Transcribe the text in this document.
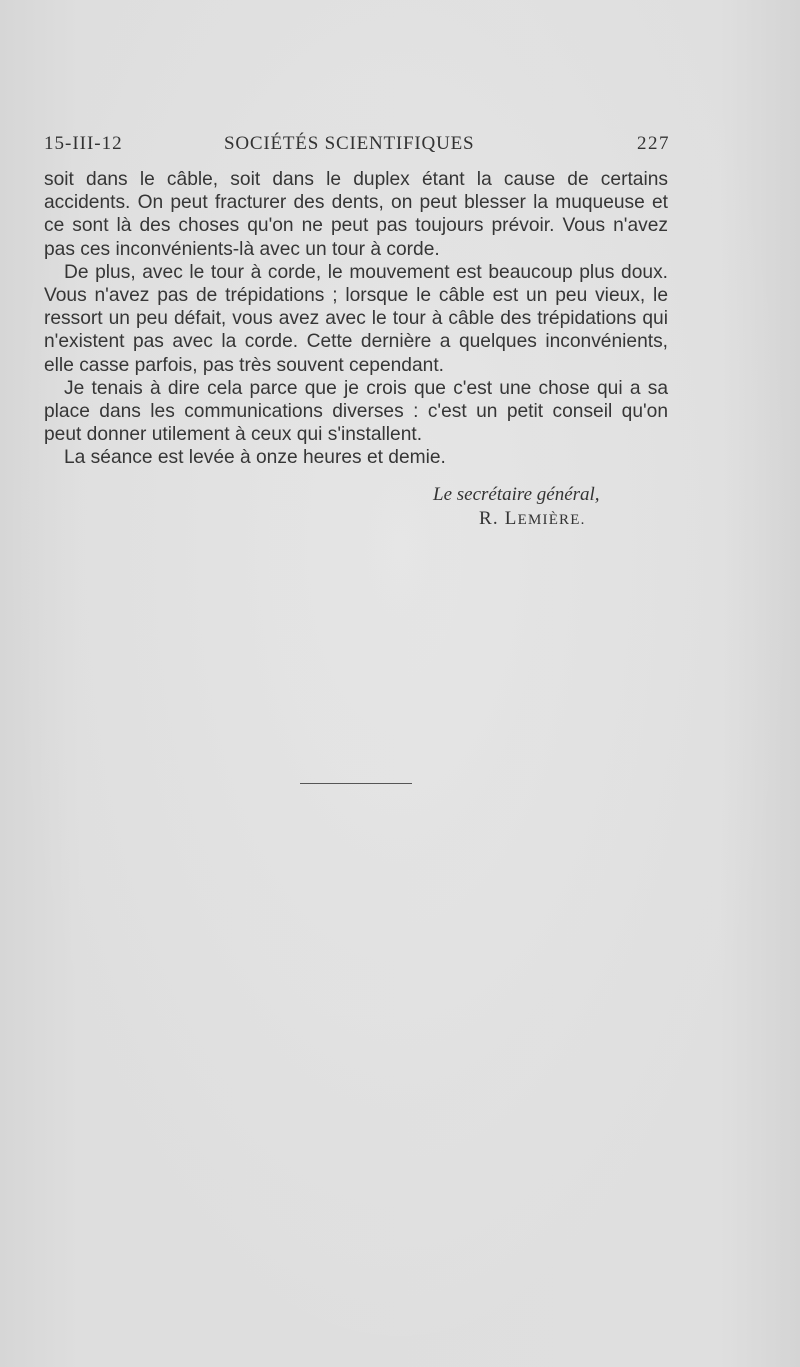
15-III-12	SOCIÉTÉS SCIENTIFIQUES	227

soit dans le câble, soit dans le duplex étant la cause de certains accidents. On peut fracturer des dents, on peut blesser la muqueuse et ce sont là des choses qu'on ne peut pas toujours prévoir. Vous n'avez pas ces inconvénients-là avec un tour à corde.

De plus, avec le tour à corde, le mouvement est beaucoup plus doux. Vous n'avez pas de trépidations ; lorsque le câble est un peu vieux, le ressort un peu défait, vous avez avec le tour à câble des trépidations qui n'existent pas avec la corde. Cette dernière a quelques inconvénients, elle casse parfois, pas très souvent cependant.

Je tenais à dire cela parce que je crois que c'est une chose qui a sa place dans les communications diverses : c'est un petit conseil qu'on peut donner utilement à ceux qui s'installent.

La séance est levée à onze heures et demie.

Le secrétaire général,
R. LEMIÈRE.
